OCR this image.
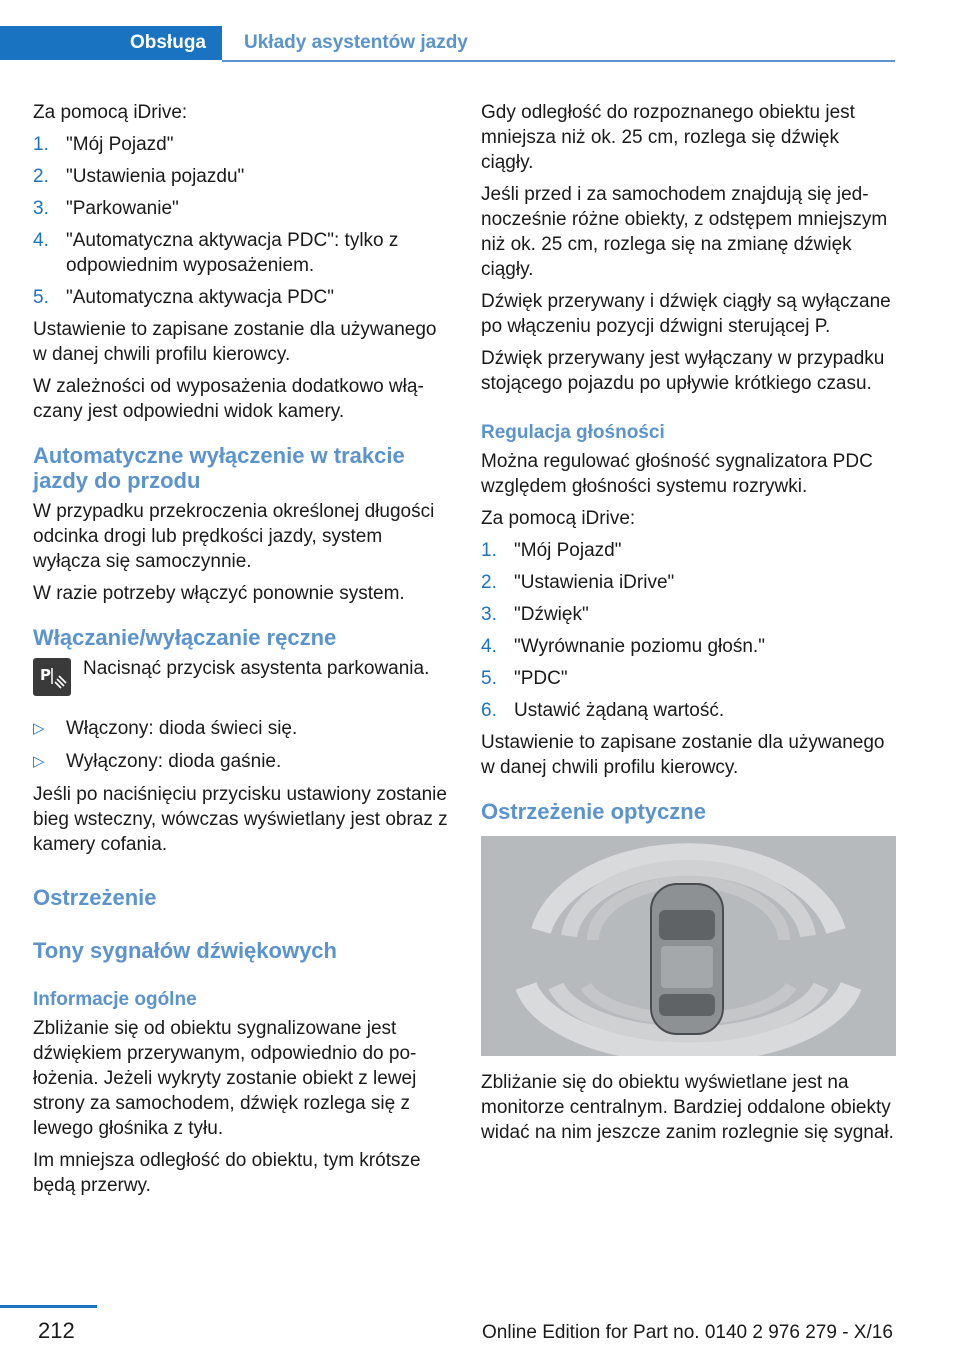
Obsługa	Układy asystentów jazdy

Za pomocą iDrive:

1. "Mój Pojazd"
2. "Ustawienia pojazdu"
3. "Parkowanie"
4. "Automatyczna aktywacja PDC": tylko z odpowiednim wyposażeniem.
5. "Automatyczna aktywacja PDC"

Ustawienie to zapisane zostanie dla używanego w danej chwili profilu kierowcy.

W zależności od wyposażenia dodatkowo włączany jest odpowiedni widok kamery.

Automatyczne wyłączenie w trakcie jazdy do przodu

W przypadku przekroczenia określonej długości odcinka drogi lub prędkości jazdy, system wyłącza się samoczynnie.

W razie potrzeby włączyć ponownie system.

Włączanie/wyłączanie ręczne
P Nacisnąć przycisk asystenta parkowania.
▷ Włączony: dioda świeci się.
▷ Wyłączony: dioda gaśnie.

Jeśli po naciśnięciu przycisku ustawiony zostanie bieg wsteczny, wówczas wyświetlany jest obraz z kamery cofania.

Ostrzeżenie
Tony sygnałów dźwiękowych
Informacje ogólne

Zbliżanie się od obiektu sygnalizowane jest dźwiękiem przerywanym, odpowiednio do położenia. Jeżeli wykryty zostanie obiekt z lewej strony za samochodem, dźwięk rozlega się z lewego głośnika z tyłu.

Im mniejsza odległość do obiektu, tym krótsze będą przerwy.

Gdy odległość do rozpoznanego obiektu jest mniejsza niż ok. 25 cm, rozlega się dźwięk ciągły.

Jeśli przed i za samochodem znajdują się jednocześnie różne obiekty, z odstępem mniejszym niż ok. 25 cm, rozlega się na zmianę dźwięk ciągły.

Dźwięk przerywany i dźwięk ciągły są wyłączane po włączeniu pozycji dźwigni sterującej P.

Dźwięk przerywany jest wyłączany w przypadku stojącego pojazdu po upływie krótkiego czasu.

Regulacja głośności

Można regulować głośność sygnalizatora PDC względem głośności systemu rozrywki.

Za pomocą iDrive:

1. "Mój Pojazd"
2. "Ustawienia iDrive"
3. "Dźwięk"
4. "Wyrównanie poziomu głośn."
5. "PDC"
6. Ustawić żądaną wartość.

Ustawienie to zapisane zostanie dla używanego w danej chwili profilu kierowcy.

Ostrzeżenie optyczne

Zbliżanie się do obiektu wyświetlane jest na monitorze centralnym. Bardziej oddalone obiekty widać na nim jeszcze zanim rozlegnie się sygnał.

212	Online Edition for Part no. 0140 2 976 279 - X/16
